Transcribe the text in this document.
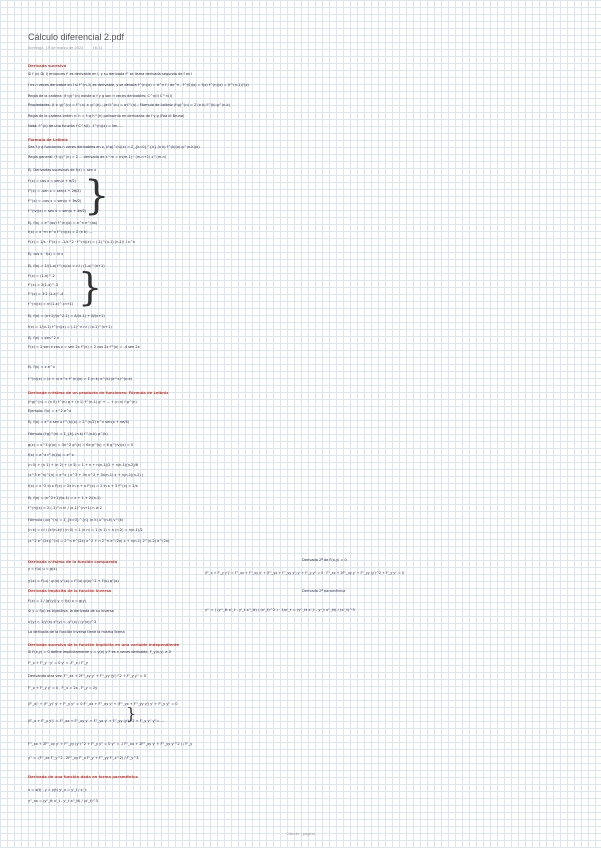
Cálculo diferencial 2.pdf
domingo, 19 de marzo de 2023 16:11
Derivada sucesiva
Si f (x) D( I) entonces f' es derivable en I, y su derivada f'' se llama derivada segunda de f en I
f es n veces derivable en I si f^(n-1) es derivable, y se denota f^(n)(x) = d^n f / dx^n , f^(0)(x) = f(x) f^(n)(x) = (f^(n-1))'(x)
Regla de la cadena: (f∘g)^(n) existe si f y g son n veces derivables; C^n(I) C^∞(I)
Propiedades: (f ± g)^(n) = f^(n) ± g^(n) ; (a·f)^(n) = a·f^(n) ; Fórmula de Leibniz (f·g)^(n) = Σ (n k) f^(k) g^(n-k)
Regla de la cadena orden n: h = f∘g h^(n) polinomio en derivadas de f y g (Faà di Bruno)
Nota: f^(n) de una función f C^n(I) , f^(n)(x) = lim ...
Fórmula de Leibniz
Sea f y g funciones n veces derivables en x, (f·g)^(n)(x) = Σ_{k=0}^{n} (n k) f^(k)(x) g^(n-k)(x)
Regla general: (f∘g)^(n) = Σ ... derivada de x^m = m(m-1)···(m-n+1) x^(m-n)
Ej. Derivadas sucesivas de f(x) = sen x
f'(x) = cos x = sen(x + π/2)
f''(x) = -sen x = sen(x + 2π/2)
f'''(x) = -cos x = sen(x + 3π/2)
f^(iv)(x) = sen x = sen(x + 4π/2)
Ej. f(x) = e^(ax) f^(n)(x) = a^n e^(ax)
f(x) = x^m e^x f^(n)(x) = Σ (n k) ...
f'(x) = 1/x · f''(x) = -1/x^2 · f^(n)(x) = (-1)^(n-1) (n-1)! / x^n
Ej. cos x · f(x) = ln x
Ej. f(x) = 1/(1-x) f^(n)(x) = n! / (1-x)^(n+1)
f'(x) = (1-x)^-2
f''(x) = 2(1-x)^-3
f'''(x) = 3·2 (1-x)^-4
f^(n)(x) = n!(1-x)^-(n+1)
Ej. f(x) = (x+1)/(x^2-1) = A/(x-1) + B/(x+1)
f(x) = 1/(x-1) f^(n)(x) = (-1)^n n! / (x-1)^(n+1)
Ej. f(x) = sen^2 x
f'(x) = 2 sen x cos x = sen 2x f''(x) = 2 cos 2x f'''(x) = -4 sen 2x
Ej. f(x) = x e^x
f^(n)(x) = (x + n) e^x f^(n)(x) = Σ (n k) x^(k) (e^x)^(n-k)
Derivada n-ésima de un producto de funciones: Fórmula de Leibniz
(f·g)^(n) = (n 0) f^(n) g + (n 1) f^(n-1) g' + ... + (n n) f g^(n)
Ejemplo: f(x) = x^2 e^x
Ej. f(x) = e^x sen x f^(n)(x) = 2^(n/2) e^x sen(x + nπ/4)
Fórmula (f·g)^(n) = Σ_{k} (n k) f^(n-k) g^(k)
g(x) = x^3 g'(x) = 3x^2 g''(x) = 6x g'''(x) = 6 g^(iv)(x) = 0
f(x) = e^x f^(n)(x) = e^x
(n 0) + (n 1) + (n 2) + (n 3) = 1 + n + n(n-1)/2 + n(n-1)(n-2)/6
(x^3 e^x)^(n) = e^x ( x^3 + 3n x^2 + 3n(n-1) x + n(n-1)(n-2) )
f(x) = x^2 ln x f'(x) = 2x ln x + x f''(x) = 2 ln x + 3 f'''(x) = 2/x
Ej. f(x) = (x^2+1)/(x-1) = x + 1 + 2/(x-1)
f^(n)(x) = 2 (-1)^n n! / (x-1)^(n+1) n ≥ 2
Fórmula (uv)^(n) = Σ_{k=0}^{n} (n k) u^(n-k) v^(k)
(n k) = n! / (k!(n-k)!) (n 0) = 1 (n n) = 1 (n 1) = n (n 2) = n(n-1)/2
(x^2 e^(2x))^(n) = 2^n e^(2x) x^2 + n 2^n e^(2x) x + n(n-1) 2^(n-2) e^(2x)
Derivada n-ésima de la función compuesta
y = f(u) u = g(x)
y'(x) = f'(u) · g'(x) y''(x) = f''(u) g'(x)^2 + f'(u) g''(x)
Derivada implícita de la función inversa
f'(x) = 1 / (g'(y)) y = f(x) x = g(y)
Si y = f(x) es biyectiva, la derivada de su inversa
x'(y) = 1/y'(x) x''(y) = -y''(x) / (y'(x))^3
La derivada de la función inversa tiene la misma forma
Derivada sucesiva de la función implícita en una variable independiente
Si F(x,y) = 0 define implícitamente y = y(x) y F es n veces derivable, F_y(x,y) ≠ 0
F'_x + F'_y · y' = 0 y' = -F'_x / F'_y
Derivando otra vez: F''_xx + 2F''_xy y' + F''_yy (y')^2 + F'_y y'' = 0
F'_x + F'_y y' = 0 , F'_x = 2x , F'_y = 2y
(F'_x)' + (F'_y)' y' + F'_y y'' = 0 F''_xx + F''_xy y' + (F''_yx + F''_yy y') y' + F'_y y'' = 0
(F'_x + F'_y y')' = F''_xx + F''_xy y' + F''_yx y' + F''_yy (y')^2 + F'_y y'' y''= ...
F''_xx + 2F''_xy y' + F''_yy (y')^2 + F'_y y'' = 0 y'' = -( F''_xx + 2F''_xy y' + F''_yy y'^2 ) / F'_y
y'' = -(F''_xx F'_y^2 - 2F''_xy F'_x F'_y + F''_yy F'_x^2) / F'_y^3
Derivada de una función dada en forma paramétrica
x = x(t) , y = y(t) y'_x = y'_t / x'_t
y''_xx = (y''_tt x'_t - y'_t x''_tt) / (x'_t)^3
Derivada 2ª de F(x,y) = 0
(F'_x + F'_y y')' = F''_xx + F''_xy y' + (F''_yx + F''_yy y') y' + F'_y y'' = 0 · F''_xx + 2F''_xy y' + F''_yy (y')^2 + F'_y y'' = 0
Derivada 2ª paramétrica
y'' = ( (y''_tt x'_t - y'_t x''_tt) / (x'_t)^2 ) · 1/x'_t = (y''_tt x'_t - y'_t x''_tt) / (x'_t)^3
}
}
}
Cálculo | página
